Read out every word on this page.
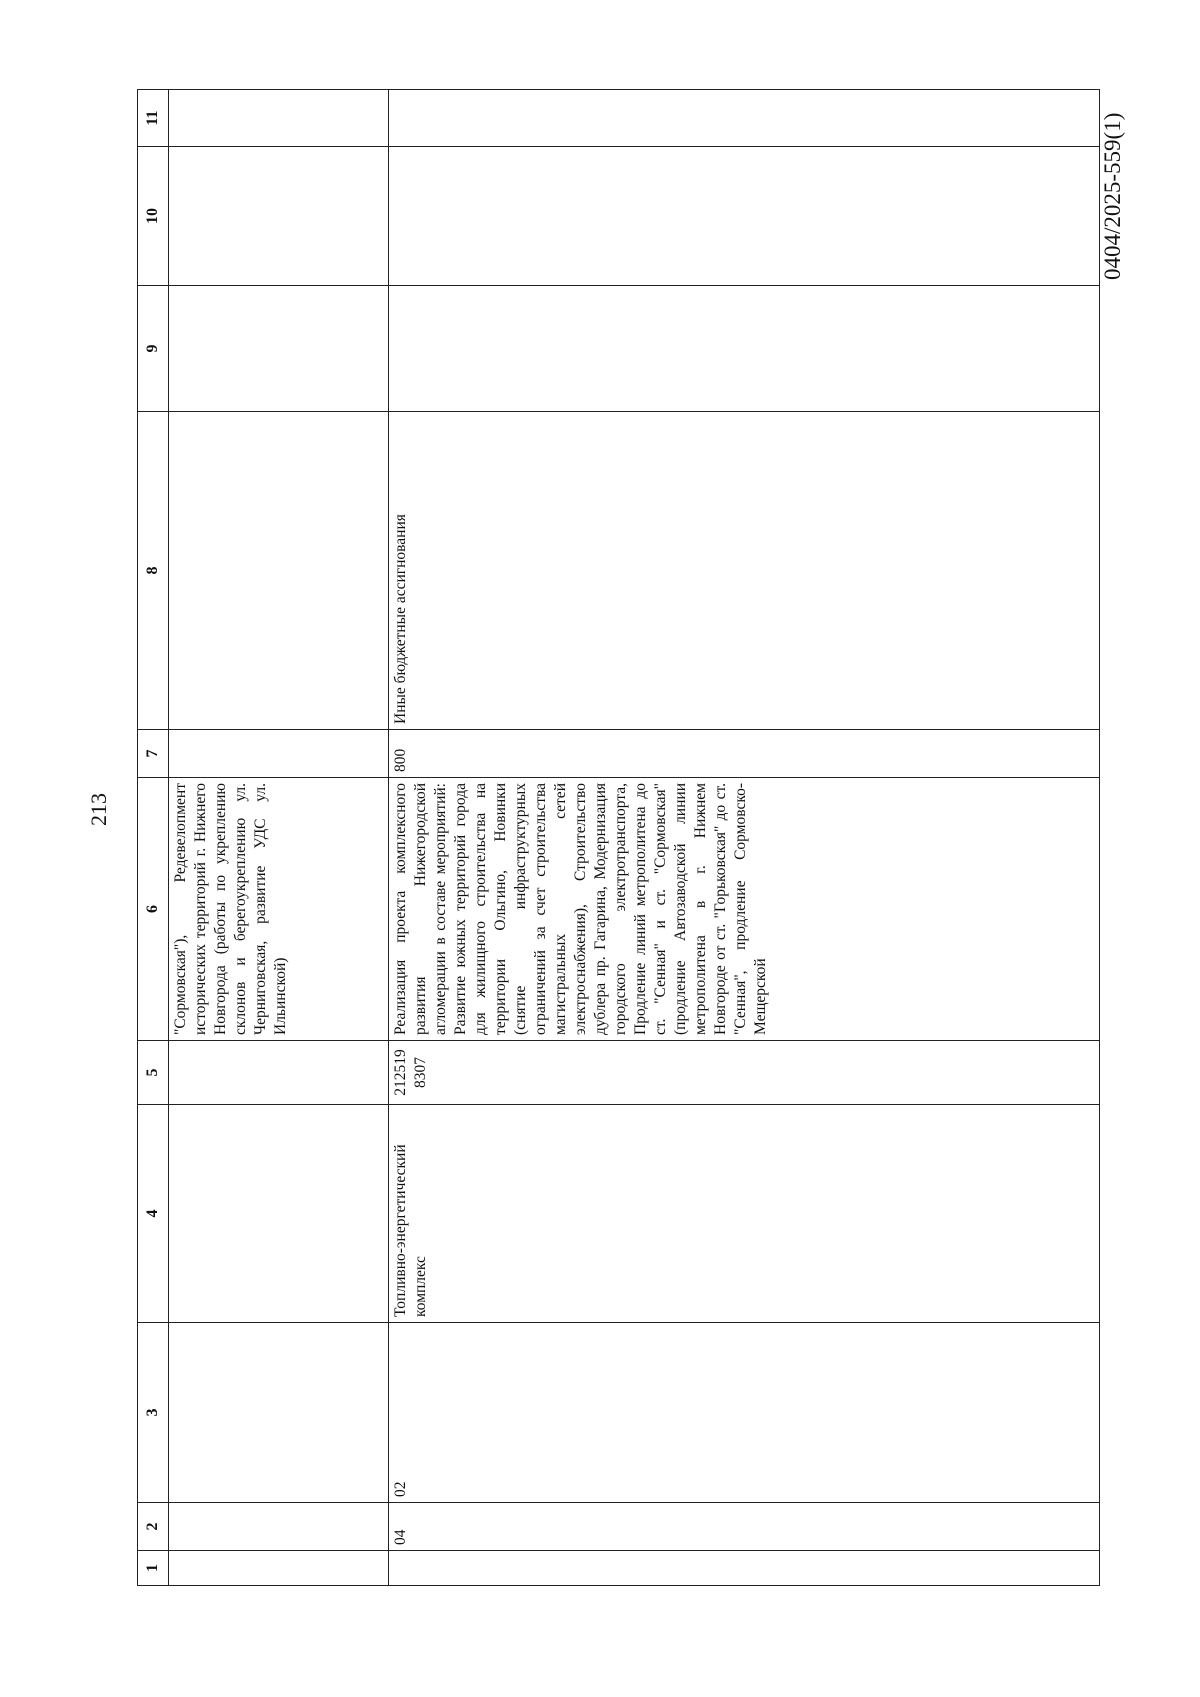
213
0404/2025-559(1)
1	2	3	4	5	6	7	8	9	10	11
					"Сормовская"), Редевелопмент исторических территорий г. Нижнего Новгорода (работы по укреплению склонов и берегоукреплению ул. Черниговская, развитие УДС ул. Ильинской)					
	04	02	Топливно-энергетический комплекс	2125198307	Реализация проекта комплексного развития Нижегородской агломерации в составе мероприятий: Развитие южных территорий города для жилищного строительства на территории Ольгино, Новинки (снятие инфраструктурных ограничений за счет строительства магистральных сетей электроснабжения), Строительство дублера пр. Гагарина, Модернизация городского электротранспорта, Продление линий метрополитена до ст. "Сенная" и ст. "Сормовская" (продление Автозаводской линии метрополитена в г. Нижнем Новгороде от ст. "Горьковская" до ст. "Сенная", продление Сормовско-Мещерской	800	Иные бюджетные ассигнования			
